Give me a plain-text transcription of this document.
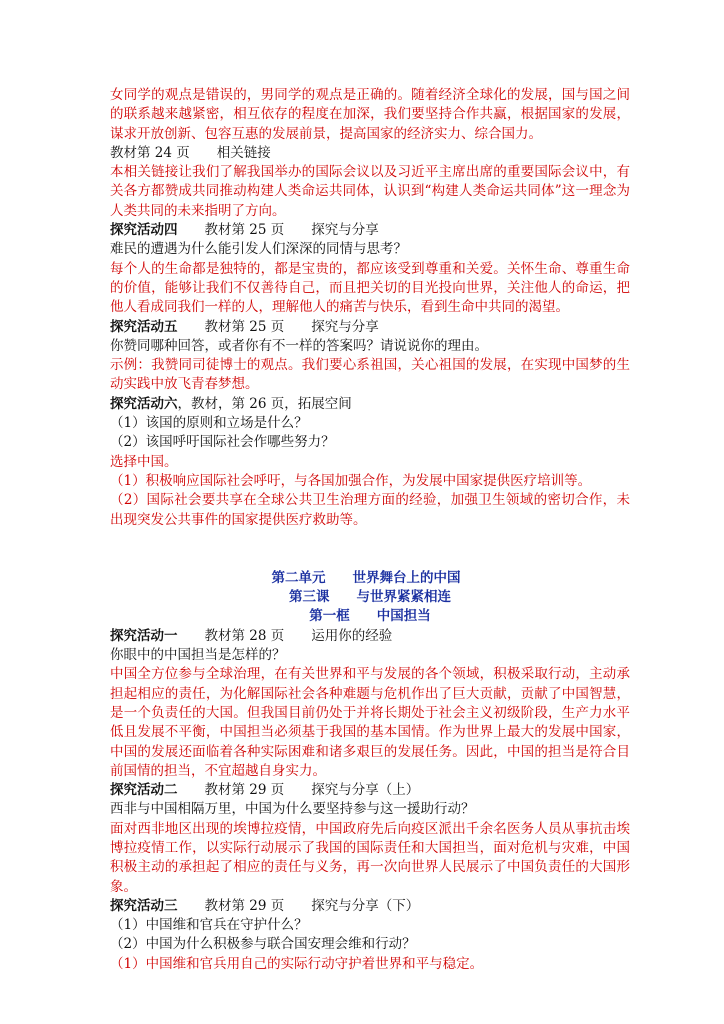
女同学的观点是错误的，男同学的观点是正确的。随着经济全球化的发展，国与国之间的联系越来越紧密，相互依存的程度在加深，我们要坚持合作共赢，根据国家的发展，谋求开放创新、包容互惠的发展前景，提高国家的经济实力、综合国力。

教材第 24 页　　相关链接

本相关链接让我们了解我国举办的国际会议以及习近平主席出席的重要国际会议中，有关各方都赞成共同推动构建人类命运共同体，认识到“构建人类命运共同体”这一理念为人类共同的未来指明了方向。

探究活动四　　教材第 25 页　　探究与分享

难民的遭遇为什么能引发人们深深的同情与思考？

每个人的生命都是独特的，都是宝贵的，都应该受到尊重和关爱。关怀生命、尊重生命的价值，能够让我们不仅善待自己，而且把关切的目光投向世界，关注他人的命运，把他人看成同我们一样的人，理解他人的痛苦与快乐，看到生命中共同的渴望。

探究活动五　　教材第 25 页　　探究与分享

你赞同哪种回答，或者你有不一样的答案吗？请说说你的理由。

示例：我赞同司徒博士的观点。我们要心系祖国，关心祖国的发展，在实现中国梦的生动实践中放飞青春梦想。

探究活动六，教材，第 26 页，拓展空间

（1）该国的原则和立场是什么？

（2）该国呼吁国际社会作哪些努力？

选择中国。

（1）积极响应国际社会呼吁，与各国加强合作，为发展中国家提供医疗培训等。

（2）国际社会要共享在全球公共卫生治理方面的经验，加强卫生领域的密切合作，未出现突发公共事件的国家提供医疗救助等。

第二单元　　世界舞台上的中国

第三课　　与世界紧紧相连

第一框　　中国担当

探究活动一　　教材第 28 页　　运用你的经验

你眼中的中国担当是怎样的？

中国全方位参与全球治理，在有关世界和平与发展的各个领域，积极采取行动，主动承担起相应的责任，为化解国际社会各种难题与危机作出了巨大贡献，贡献了中国智慧，是一个负责任的大国。但我国目前仍处于并将长期处于社会主义初级阶段，生产力水平低且发展不平衡，中国担当必须基于我国的基本国情。作为世界上最大的发展中国家，中国的发展还面临着各种实际困难和诸多艰巨的发展任务。因此，中国的担当是符合目前国情的担当，不宜超越自身实力。

探究活动二　　教材第 29 页　　探究与分享（上）

西非与中国相隔万里，中国为什么要坚持参与这一援助行动？

面对西非地区出现的埃博拉疫情，中国政府先后向疫区派出千余名医务人员从事抗击埃博拉疫情工作，以实际行动展示了我国的国际责任和大国担当，面对危机与灾难，中国积极主动的承担起了相应的责任与义务，再一次向世界人民展示了中国负责任的大国形象。

探究活动三　　教材第 29 页　　探究与分享（下）

（1）中国维和官兵在守护什么？

（2）中国为什么积极参与联合国安理会维和行动？

（1）中国维和官兵用自己的实际行动守护着世界和平与稳定。
